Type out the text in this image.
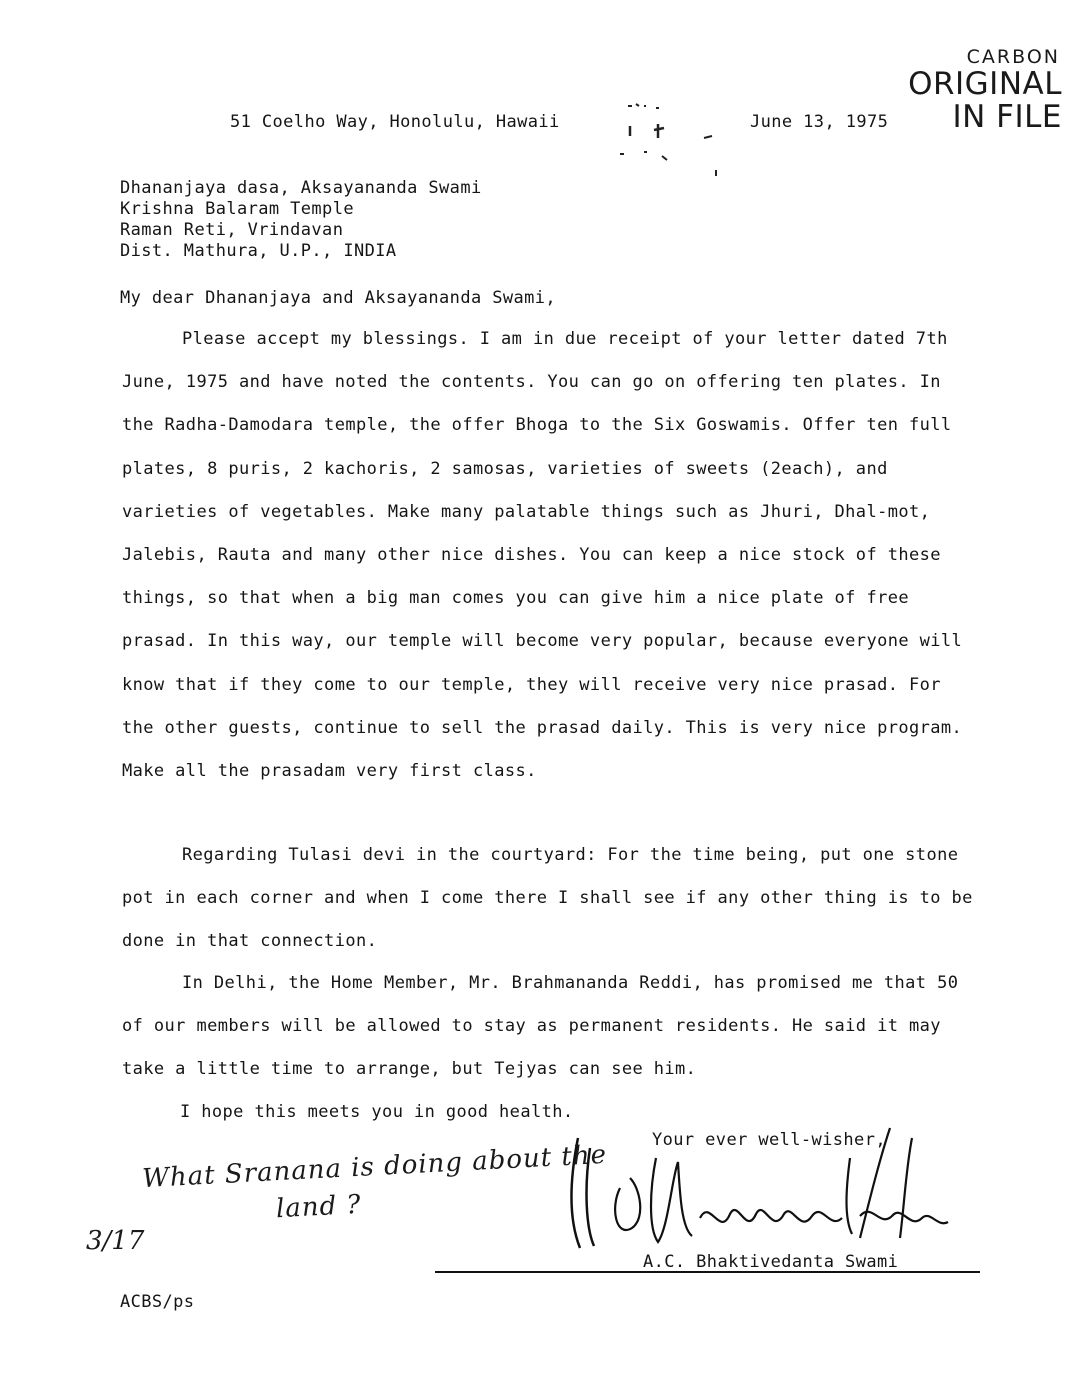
CARBON
ORIGINAL
IN FILE
51 Coelho Way, Honolulu, Hawaii	June 13, 1975
Dhananjaya dasa, Aksayananda Swami
Krishna Balaram Temple
Raman Reti, Vrindavan
Dist. Mathura, U.P., INDIA
My dear Dhananjaya and Aksayananda Swami,
Please accept my blessings. I am in due receipt of your letter dated 7th June, 1975 and have noted the contents. You can go on offering ten plates. In the Radha-Damodara temple, the offer Bhoga to the Six Goswamis. Offer ten full plates, 8 puris, 2 kachoris, 2 samosas, varieties of sweets (2each), and varieties of vegetables. Make many palatable things such as Jhuri, Dhal-mot, Jalebis, Rauta and many other nice dishes. You can keep a nice stock of these things, so that when a big man comes you can give him a nice plate of free prasad. In this way, our temple will become very popular, because everyone will know that if they come to our temple, they will receive very nice prasad. For the other guests, continue to sell the prasad daily. This is very nice program. Make all the prasadam very first class.
Regarding Tulasi devi in the courtyard: For the time being, put one stone pot in each corner and when I come there I shall see if any other thing is to be done in that connection.
In Delhi, the Home Member, Mr. Brahmananda Reddi, has promised me that 50 of our members will be allowed to stay as permanent residents. He said it may take a little time to arrange, but Tejyas can see him.
I hope this meets you in good health.
Your ever well-wisher,
A.C. Bhaktivedanta Swami
ACBS/ps
What Sranana is doing about the
land ?
3/17
